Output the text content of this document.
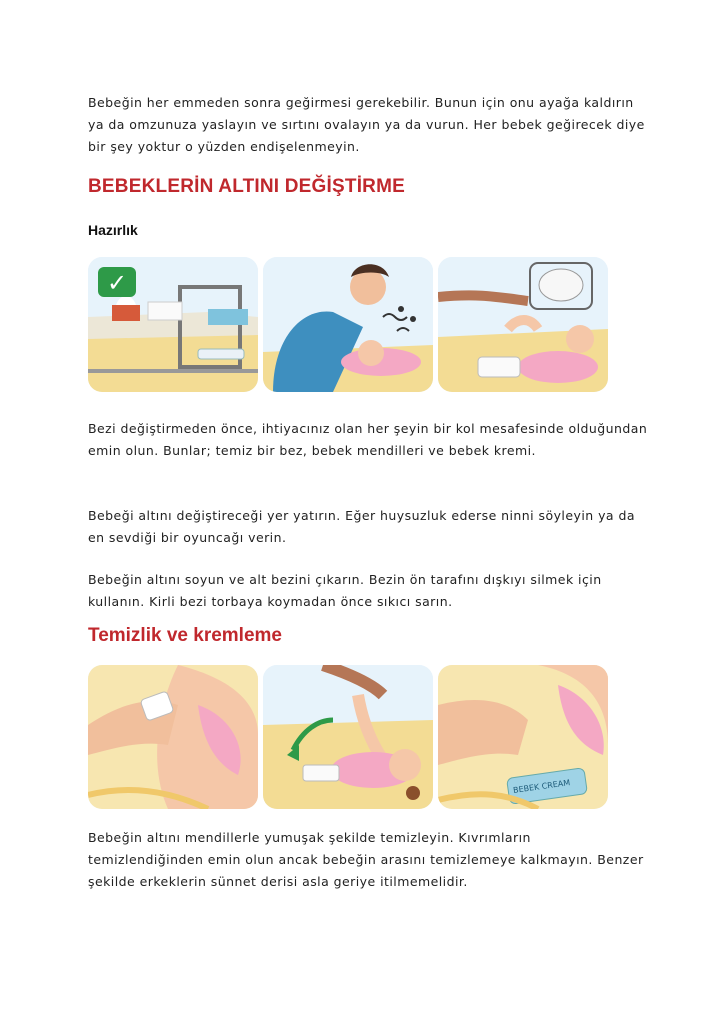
Bebeğin her emmeden sonra geğirmesi gerekebilir. Bunun için onu ayağa kaldırın ya da omzunuza yaslayın ve sırtını ovalayın ya da vurun. Her bebek geğirecek diye bir şey yoktur o yüzden endişelenmeyin.

BEBEKLERİN ALTINI DEĞİŞTİRME
Hazırlık
✓

Bezi değiştirmeden önce, ihtiyacınız olan her şeyin bir kol mesafesinde olduğundan emin olun. Bunlar; temiz bir bez, bebek mendilleri ve bebek kremi.

Bebeği altını değiştireceği yer yatırın. Eğer huysuzluk ederse ninni söyleyin ya da en sevdiği bir oyuncağı verin.

Bebeğin altını soyun ve alt bezini çıkarın. Bezin ön tarafını dışkıyı silmek için kullanın. Kirli bezi torbaya koymadan önce sıkıcı sarın.

Temizlik ve kremleme
BEBEK CREAM

Bebeğin altını mendillerle yumuşak şekilde temizleyin. Kıvrımların temizlendiğinden emin olun ancak bebeğin arasını temizlemeye kalkmayın. Benzer şekilde erkeklerin sünnet derisi asla geriye itilmemelidir.
